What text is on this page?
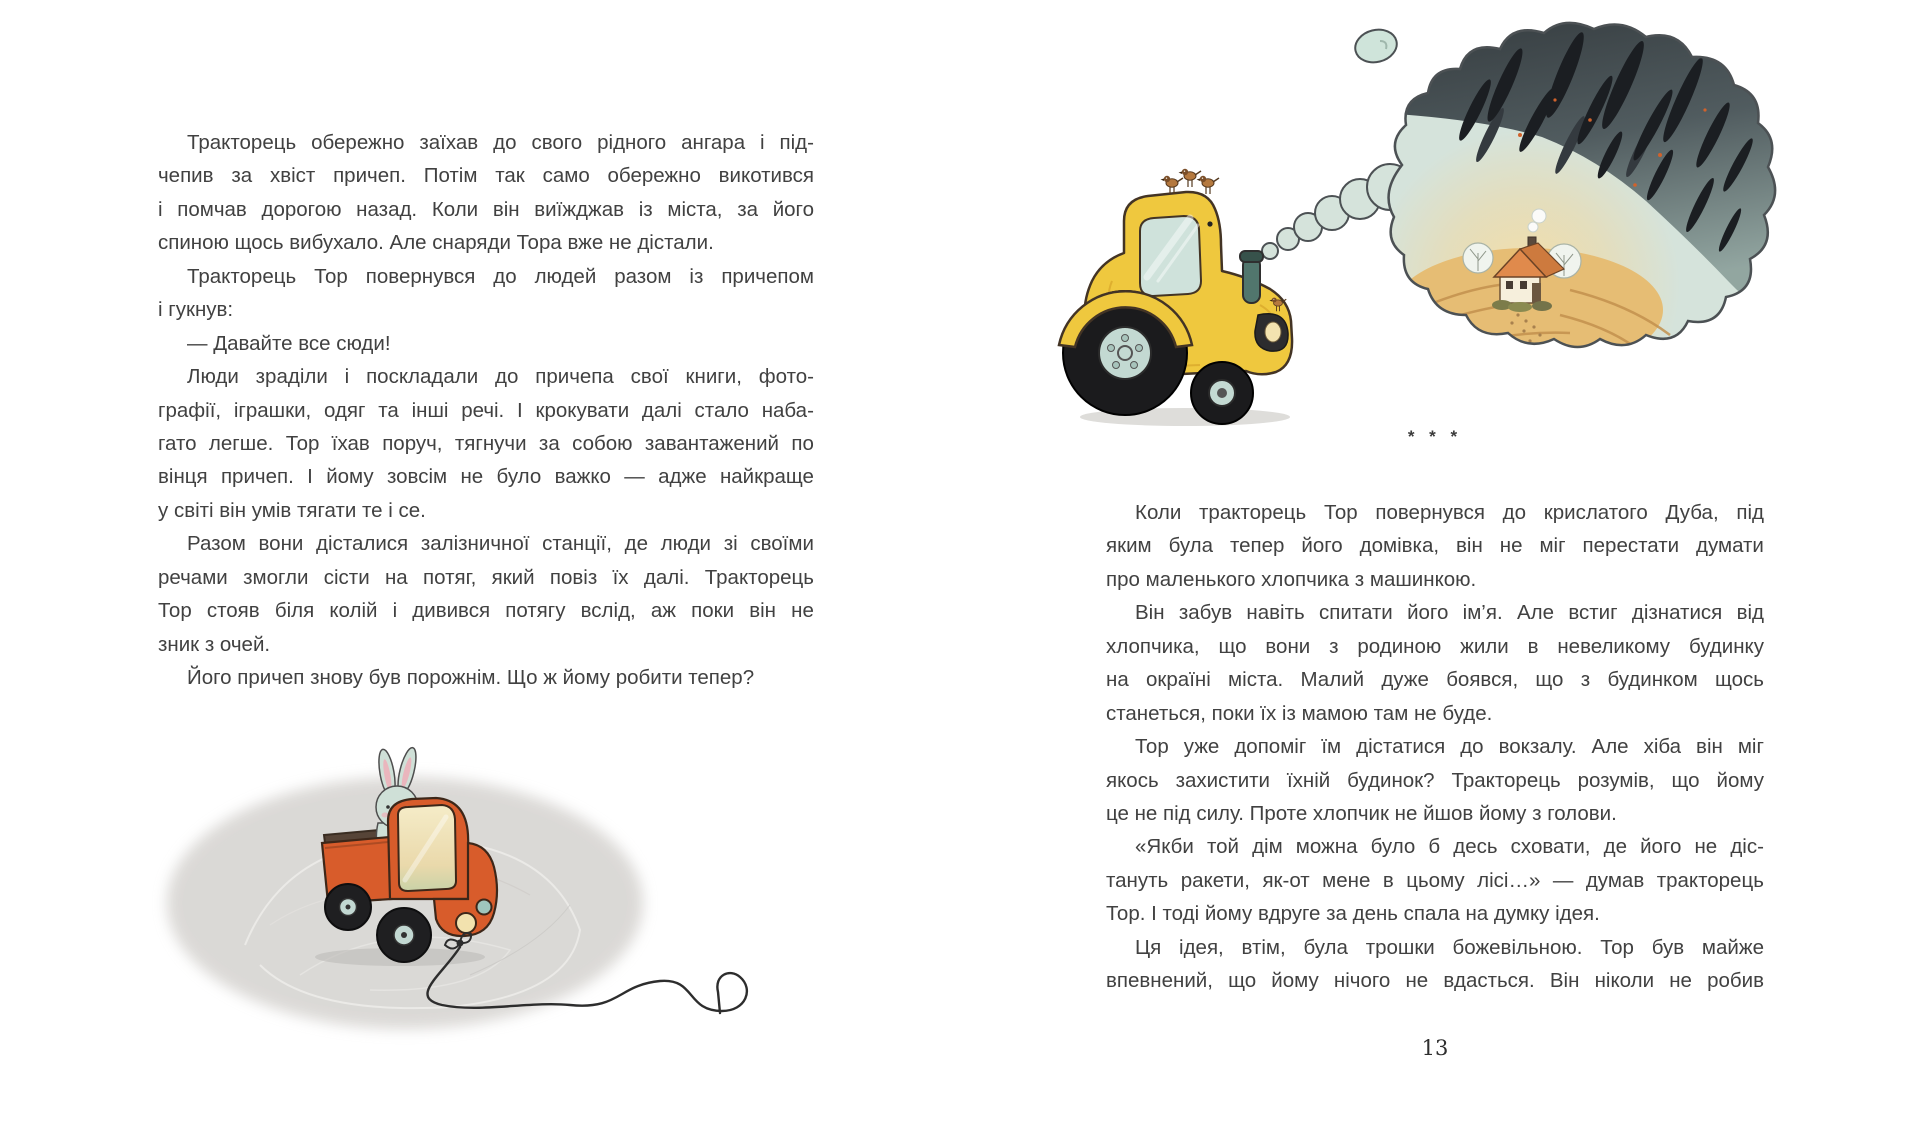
Тракторець обережно заїхав до свого рідного ангара і під-
чепив за хвіст причеп. Потім так само обережно викотився
і помчав дорогою назад. Коли він виїжджав із міста, за його
спиною щось вибухало. Але снаряди Тора вже не дістали.
Тракторець Тор повернувся до людей разом із причепом
і гукнув:
— Давайте все сюди!
Люди зраділи і поскладали до причепа свої книги, фото-
графії, іграшки, одяг та інші речі. І крокувати далі стало наба-
гато легше. Тор їхав поруч, тягнучи за собою завантажений по
вінця причеп. І йому зовсім не було важко — адже найкраще
у світі він умів тягати те і се.
Разом вони дісталися залізничної станції, де люди зі своїми
речами змогли сісти на потяг, який повіз їх далі. Тракторець
Тор стояв біля колій і дивився потягу вслід, аж поки він не
зник з очей.
Його причеп знову був порожнім. Що ж йому робити тепер?
* * *
Коли тракторець Тор повернувся до крислатого Дуба, під
яким була тепер його домівка, він не міг перестати думати
про маленького хлопчика з машинкою.
Він забув навіть спитати його ім’я. Але встиг дізнатися від
хлопчика, що вони з родиною жили в невеликому будинку
на окраїні міста. Малий дуже боявся, що з будинком щось
станеться, поки їх із мамою там не буде.
Тор уже допоміг їм дістатися до вокзалу. Але хіба він міг
якось захистити їхній будинок? Тракторець розумів, що йому
це не під силу. Проте хлопчик не йшов йому з голови.
«Якби той дім можна було б десь сховати, де його не діс-
тануть ракети, як-от мене в цьому лісі…» — думав тракторець
Тор. І тоді йому вдруге за день спала на думку ідея.
Ця ідея, втім, була трошки божевільною. Тор був майже
впевнений, що йому нічого не вдасться. Він ніколи не робив
13
